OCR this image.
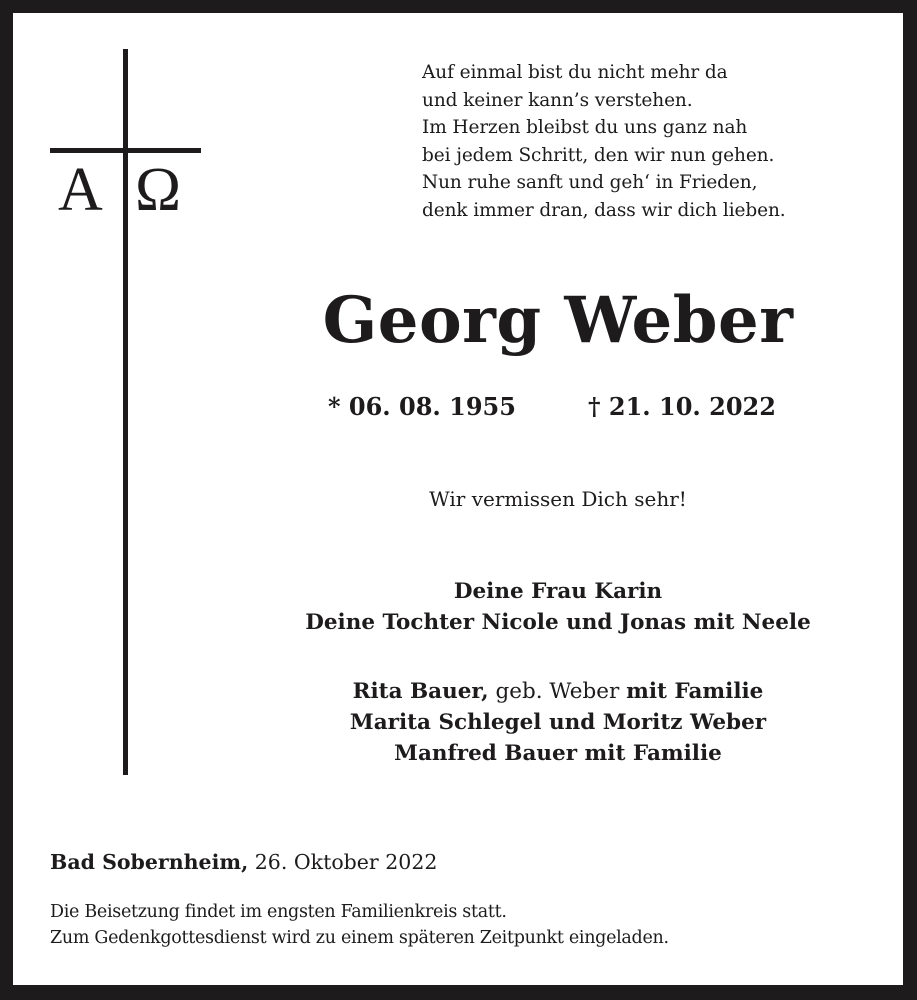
A Ω
Auf einmal bist du nicht mehr da
und keiner kann’s verstehen.
Im Herzen bleibst du uns ganz nah
bei jedem Schritt, den wir nun gehen.
Nun ruhe sanft und geh‘ in Frieden,
denk immer dran, dass wir dich lieben.
Georg Weber
* 06. 08. 1955	† 21. 10. 2022
Wir vermissen Dich sehr!
Deine Frau Karin
Deine Tochter Nicole und Jonas mit Neele
Rita Bauer, geb. Weber mit Familie
Marita Schlegel und Moritz Weber
Manfred Bauer mit Familie
Bad Sobernheim, 26. Oktober 2022
Die Beisetzung findet im engsten Familienkreis statt.
Zum Gedenkgottesdienst wird zu einem späteren Zeitpunkt eingeladen.
